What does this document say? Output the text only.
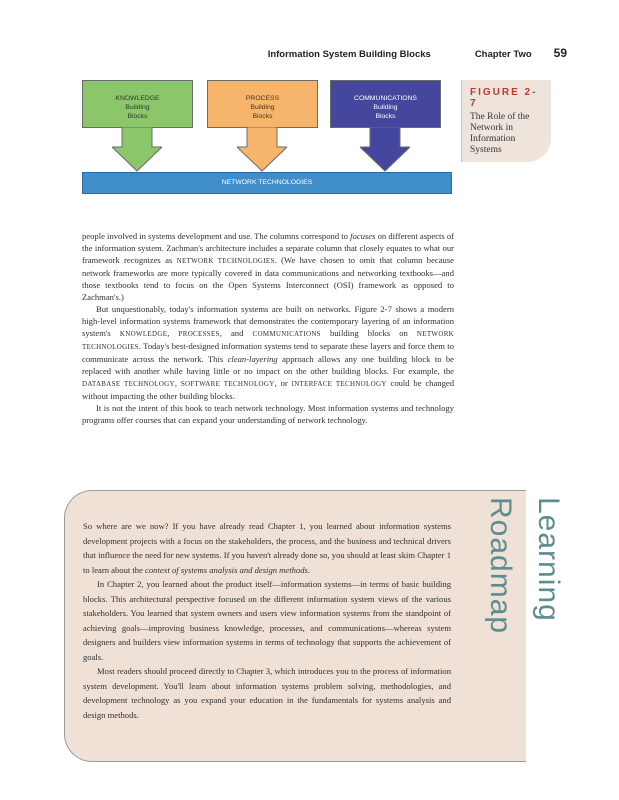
Information System Building Blocks	Chapter Two 59
KNOWLEDGE
Building
Blocks
PROCESS
Building
Blocks
COMMUNICATIONS
Building
Blocks
NETWORK TECHNOLOGIES
FIGURE 2-7
The Role of the Network in Information Systems

people involved in systems development and use. The columns correspond to focuses on different aspects of the information system. Zachman's architecture includes a separate column that closely equates to what our framework recognizes as NETWORK TECHNOLOGIES. (We have chosen to omit that column because network frameworks are more typically covered in data communications and networking textbooks—and those textbooks tend to focus on the Open Systems Interconnect (OSI) framework as opposed to Zachman's.)

But unquestionably, today's information systems are built on networks. Figure 2-7 shows a modern high-level information systems framework that demonstrates the contemporary layering of an information system's KNOWLEDGE, PROCESSES, and COMMUNICATIONS building blocks on NETWORK TECHNOLOGIES. Today's best-designed information systems tend to separate these layers and force them to communicate across the network. This clean-layering approach allows any one building block to be replaced with another while having little or no impact on the other building blocks. For example, the DATABASE TECHNOLOGY, SOFTWARE TECHNOLOGY, or INTERFACE TECHNOLOGY could be changed without impacting the other building blocks.

It is not the intent of this book to teach network technology. Most information systems and technology programs offer courses that can expand your understanding of network technology.

So where are we now? If you have already read Chapter 1, you learned about information systems development projects with a focus on the stakeholders, the process, and the business and technical drivers that influence the need for new systems. If you haven't already done so, you should at least skim Chapter 1 to learn about the context of systems analysis and design methods.

In Chapter 2, you learned about the product itself—information systems—in terms of basic building blocks. This architectural perspective focused on the different information system views of the various stakeholders. You learned that system owners and users view information systems from the standpoint of achieving goals—improving business knowledge, processes, and communications—whereas system designers and builders view information systems in terms of technology that supports the achievement of goals.

Most readers should proceed directly to Chapter 3, which introduces you to the process of information system development. You'll learn about information systems problem solving, methodologies, and development technology as you expand your education in the fundamentals for systems analysis and design methods.

Learning Roadmap
